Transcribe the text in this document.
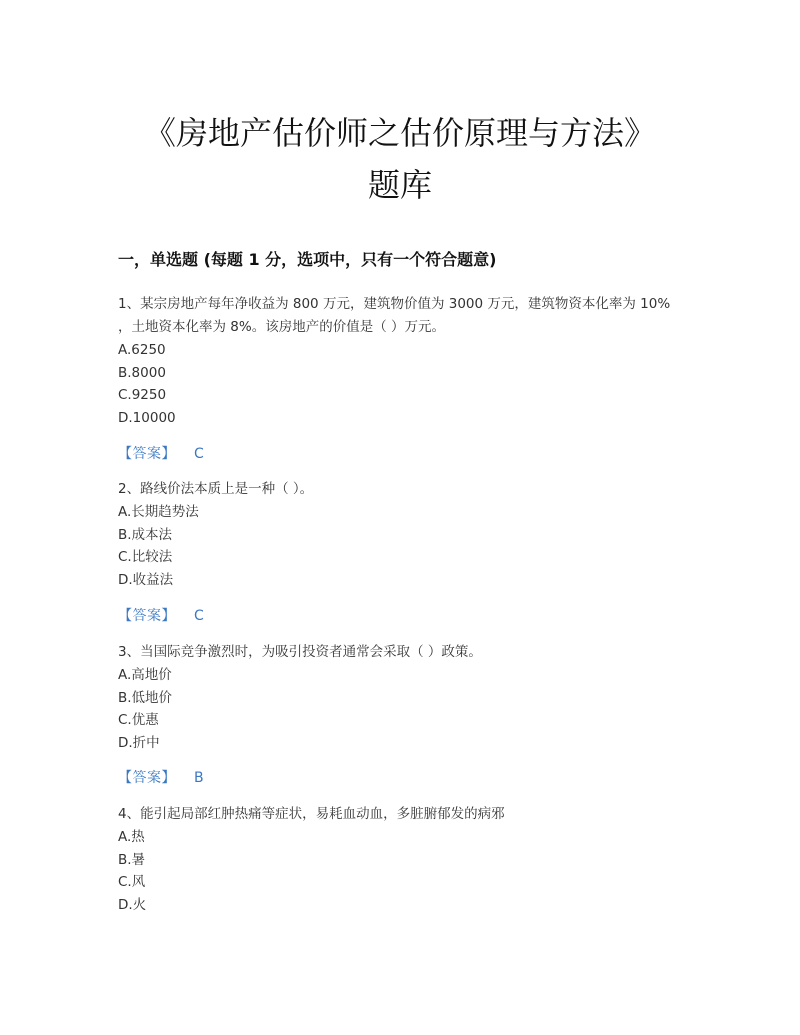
《房地产估价师之估价原理与方法》
题库
一，单选题 (每题 1 分，选项中，只有一个符合题意)

1、某宗房地产每年净收益为 800 万元，建筑物价值为 3000 万元，建筑物资本化率为 10%

，土地资本化率为 8%。该房地产的价值是（ ）万元。

A.6250

B.8000

C.9250

D.10000

【答案】 C

2、路线价法本质上是一种（ ）。

A.长期趋势法

B.成本法

C.比较法

D.收益法

【答案】 C

3、当国际竞争激烈时，为吸引投资者通常会采取（ ）政策。

A.高地价

B.低地价

C.优惠

D.折中

【答案】 B

4、能引起局部红肿热痛等症状，易耗血动血，多脏腑郁发的病邪

A.热

B.暑

C.风

D.火
